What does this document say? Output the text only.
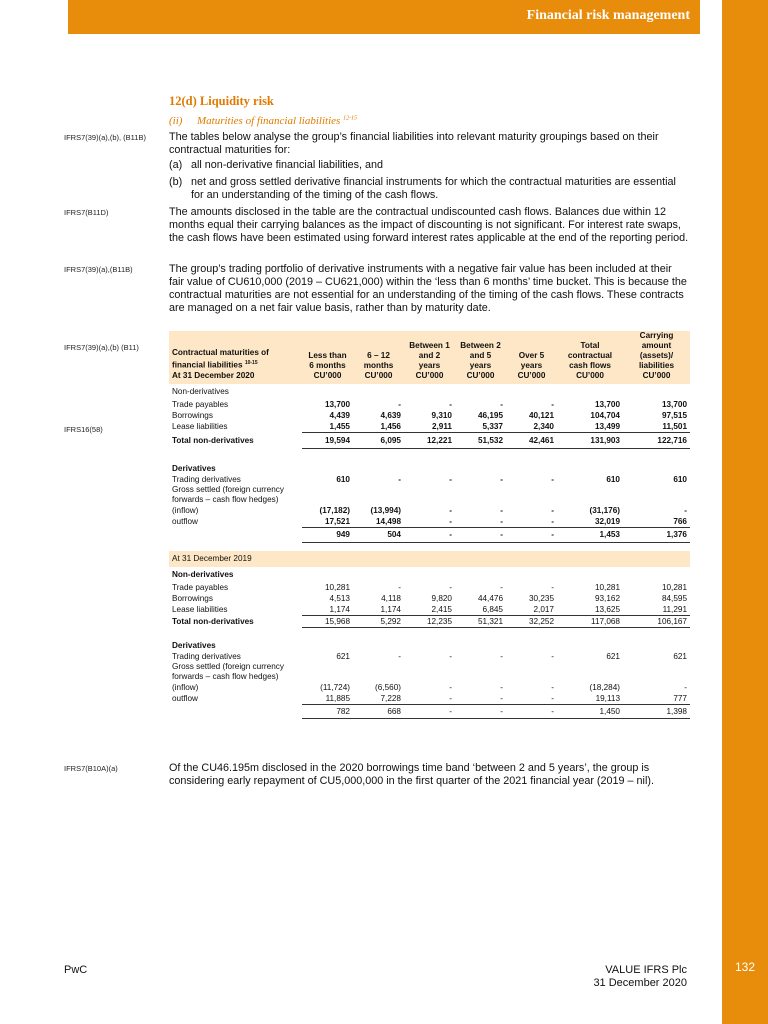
Financial risk management
132
12(d) Liquidity risk
(ii) Maturities of financial liabilities $^{12-15}$
IFRS7(39)(a),(b), (B11B)	The tables below analyse the group’s financial liabilities into relevant maturity groupings based on their contractual maturities for:
(a) all non-derivative financial liabilities, and
(b) net and gross settled derivative financial instruments for which the contractual maturities are essential for an understanding of the timing of the cash flows.
IFRS7(B11D)	The amounts disclosed in the table are the contractual undiscounted cash flows. Balances due within 12 months equal their carrying balances as the impact of discounting is not significant. For interest rate swaps, the cash flows have been estimated using forward interest rates applicable at the end of the reporting period.
IFRS7(39)(a),(B11B)	The group’s trading portfolio of derivative instruments with a negative fair value has been included at their fair value of CU610,000 (2019 – CU621,000) within the ‘less than 6 months’ time bucket. This is because the contractual maturities are not essential for an understanding of the timing of the cash flows. These contracts are managed on a net fair value basis, rather than by maturity date.
IFRS7(39)(a),(b) (B11)
IFRS16(58)
Contractual maturities of financial liabilities $^{10-15}$
At 31 December 2020	Less than 6 months CU’000	6 – 12 months CU’000	Between 1 and 2 years CU’000	Between 2 and 5 years CU’000	Over 5 years CU’000	Total contractual cash flows CU’000	Carrying amount (assets)/ liabilities CU’000
Non-derivatives							
Trade payables	13,700	-	-	-	-	13,700	13,700
Borrowings	4,439	4,639	9,310	46,195	40,121	104,704	97,515
Lease liabilities	1,455	1,456	2,911	5,337	2,340	13,499	11,501
Total non-derivatives	19,594	6,095	12,221	51,532	42,461	131,903	122,716

Derivatives							
Trading derivatives	610	-	-	-	-	610	610
Gross settled (foreign currency forwards – cash flow hedges)							
(inflow)	(17,182)	(13,994)	-	-	-	(31,176)	-
outflow	17,521	14,498	-	-	-	32,019	766
	949	504	-	-	-	1,453	1,376

At 31 December 2019							
Non-derivatives							
Trade payables	10,281	-	-	-	-	10,281	10,281
Borrowings	4,513	4,118	9,820	44,476	30,235	93,162	84,595
Lease liabilities	1,174	1,174	2,415	6,845	2,017	13,625	11,291
Total non-derivatives	15,968	5,292	12,235	51,321	32,252	117,068	106,167

Derivatives							
Trading derivatives	621	-	-	-	-	621	621
Gross settled (foreign currency forwards – cash flow hedges)							
(inflow)	(11,724)	(6,560)	-	-	-	(18,284)	-
outflow	11,885	7,228	-	-	-	19,113	777
	782	668	-	-	-	1,450	1,398
IFRS7(B10A)(a)	Of the CU46.195m disclosed in the 2020 borrowings time band ‘between 2 and 5 years’, the group is considering early repayment of CU5,000,000 in the first quarter of the 2021 financial year (2019 – nil).
PwC	VALUE IFRS Plc
31 December 2020
